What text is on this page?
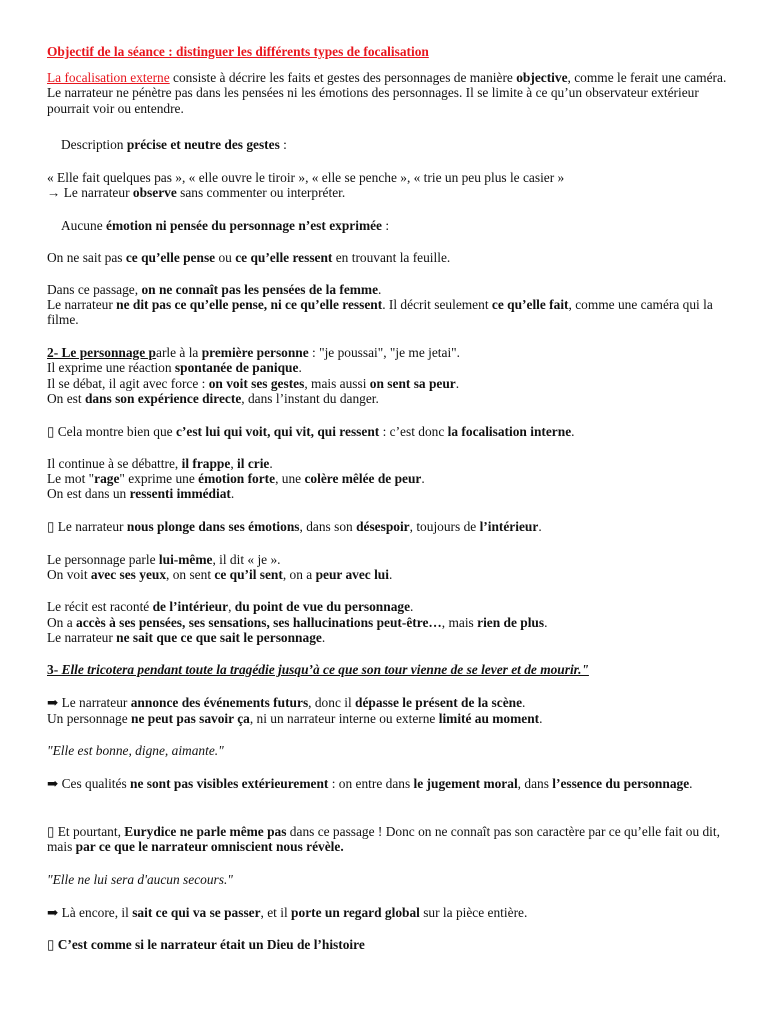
Objectif de la séance : distinguer les différents types de focalisation

La focalisation externe consiste à décrire les faits et gestes des personnages de manière objective, comme le ferait une caméra. Le narrateur ne pénètre pas dans les pensées ni les émotions des personnages. Il se limite à ce qu’un observateur extérieur pourrait voir ou entendre.

Description précise et neutre des gestes :

« Elle fait quelques pas », « elle ouvre le tiroir », « elle se penche », « trie un peu plus le casier »

→ Le narrateur observe sans commenter ou interpréter.

Aucune émotion ni pensée du personnage n’est exprimée :

On ne sait pas ce qu’elle pense ou ce qu’elle ressent en trouvant la feuille.

Dans ce passage, on ne connaît pas les pensées de la femme.

Le narrateur ne dit pas ce qu’elle pense, ni ce qu’elle ressent. Il décrit seulement ce qu’elle fait, comme une caméra qui la filme.

2- Le personnage parle à la première personne : "je poussai", "je me jetai".

Il exprime une réaction spontanée de panique.

Il se débat, il agit avec force : on voit ses gestes, mais aussi on sent sa peur.

On est dans son expérience directe, dans l’instant du danger.

▯ Cela montre bien que c’est lui qui voit, qui vit, qui ressent : c’est donc la focalisation interne.

Il continue à se débattre, il frappe, il crie.

Le mot "rage" exprime une émotion forte, une colère mêlée de peur.

On est dans un ressenti immédiat.

▯ Le narrateur nous plonge dans ses émotions, dans son désespoir, toujours de l’intérieur.

Le personnage parle lui-même, il dit « je ».

On voit avec ses yeux, on sent ce qu’il sent, on a peur avec lui.

Le récit est raconté de l’intérieur, du point de vue du personnage.

On a accès à ses pensées, ses sensations, ses hallucinations peut-être…, mais rien de plus.

Le narrateur ne sait que ce que sait le personnage.

3- Elle tricotera pendant toute la tragédie jusqu’à ce que son tour vienne de se lever et de mourir."

➡ Le narrateur annonce des événements futurs, donc il dépasse le présent de la scène.

Un personnage ne peut pas savoir ça, ni un narrateur interne ou externe limité au moment.

"Elle est bonne, digne, aimante."

➡ Ces qualités ne sont pas visibles extérieurement : on entre dans le jugement moral, dans l’essence du personnage.

▯ Et pourtant, Eurydice ne parle même pas dans ce passage ! Donc on ne connaît pas son caractère par ce qu’elle fait ou dit, mais par ce que le narrateur omniscient nous révèle.

"Elle ne lui sera d'aucun secours."

➡ Là encore, il sait ce qui va se passer, et il porte un regard global sur la pièce entière.

▯ C’est comme si le narrateur était un Dieu de l’histoire
